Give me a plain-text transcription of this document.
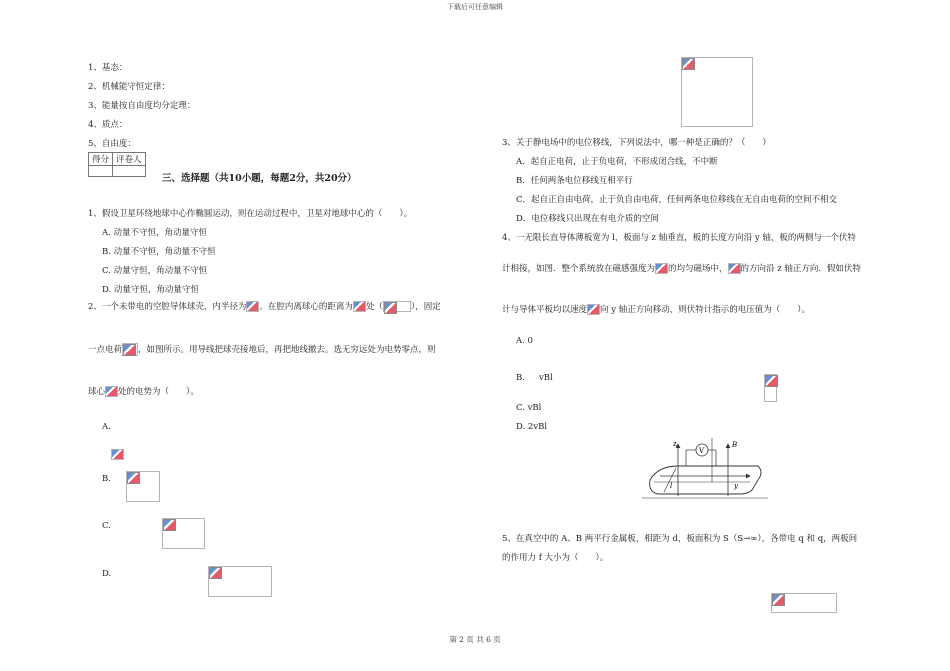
下载后可任意编辑
第 2 页 共 6 页
1、基态：
2、机械能守恒定律：
3、能量按自由度均分定理：
4、质点：
5、自由度：
得分	评卷人

三、选择题（共10小题，每题2分，共20分）
1、假设卫星环绕地球中心作椭圆运动，则在运动过程中，卫星对地球中心的（　　）。
A. 动量不守恒，角动量守恒
B. 动量不守恒，角动量不守恒
C. 动量守恒，角动量不守恒
D. 动量守恒，角动量守恒
2、一个未带电的空腔导体球壳，内半径为 。在腔内离球心的距离为 处（	），固定
一点电荷 ，如图所示。用导线把球壳接地后，再把地线撤去。选无穷远处为电势零点，则
球心 处的电势为（　　）。
A.

B.

C.

D.

3、关于静电场中的电位移线，下列说法中，哪一种是正确的？（　　）
A．起自正电荷，止于负电荷，不形成闭合线，不中断
B．任何两条电位移线互相平行
C．起自正自由电荷，止于负自由电荷，任何两条电位移线在无自由电荷的空间不相交
D．电位移线只出现在有电介质的空间
4、一无限长直导体薄板宽为 l，板面与 z 轴垂直，板的长度方向沿 y 轴，板的两侧与一个伏特
计相接，如图．整个系统放在磁感强度为 的均匀磁场中， 的方向沿 z 轴正方向．假如伏特
计与导体平板均以速度 向 y 轴正方向移动，则伏特计指示的电压值为（　　）。
A. 0
B.
vBl
C. vBl
D. 2vBl
z	B
V
y
l
5、在真空中的 A、B 两平行金属板，相距为 d，板面积为 S（S→∞），各带电 q 和 q，两板间
的作用力 f 大小为（　　）。
